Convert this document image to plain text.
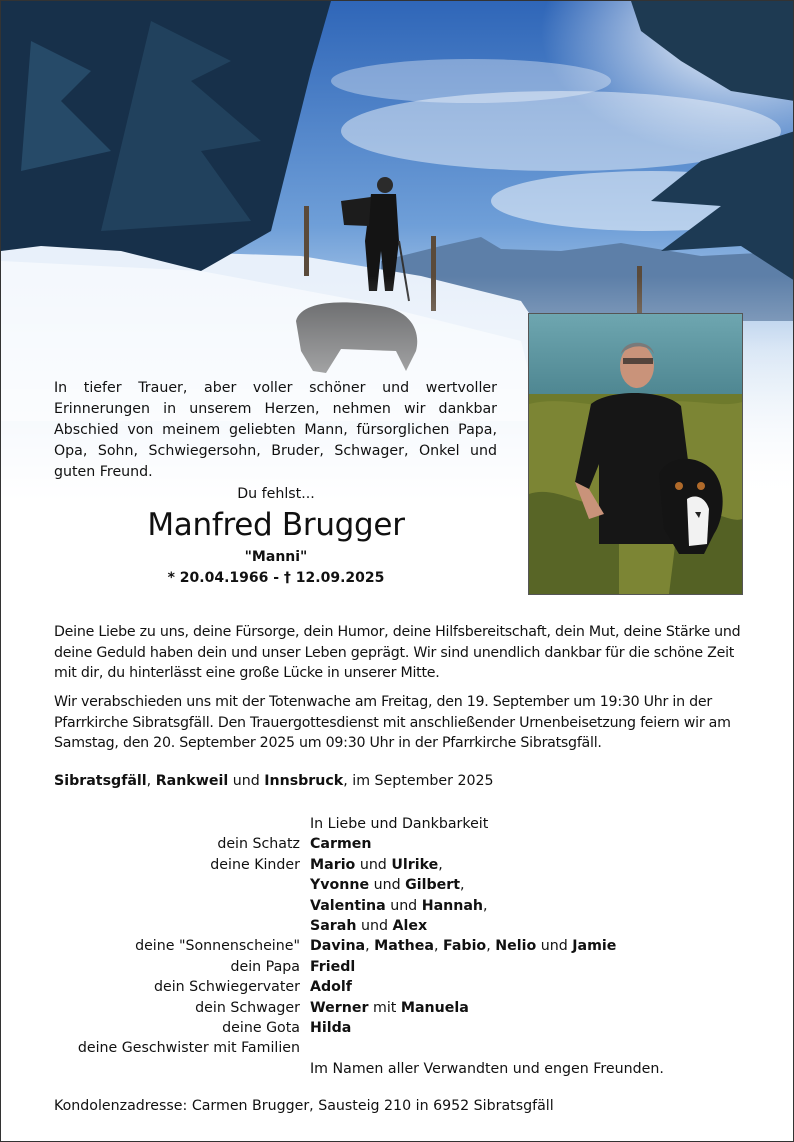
In tiefer Trauer, aber voller schöner und wertvoller Erinnerungen in unserem Herzen, nehmen wir dankbar Abschied von meinem geliebten Mann, fürsorglichen Papa, Opa, Sohn, Schwiegersohn, Bruder, Schwager, Onkel und guten Freund.

Du fehlst...
Manfred Brugger
"Manni"
* 20.04.1966 - † 12.09.2025

Deine Liebe zu uns, deine Fürsorge, dein Humor, deine Hilfsbereitschaft, dein Mut, deine Stärke und deine Geduld haben dein und unser Leben geprägt. Wir sind unendlich dankbar für die schöne Zeit mit dir, du hinterlässt eine große Lücke in unserer Mitte.

Wir verabschieden uns mit der Totenwache am Freitag, den 19. September um 19:30 Uhr in der Pfarrkirche Sibratsgfäll. Den Trauergottesdienst mit anschließender Urnenbeisetzung feiern wir am Samstag, den 20. September 2025 um 09:30 Uhr in der Pfarrkirche Sibratsgfäll.

Sibratsgfäll, Rankweil und Innsbruck, im September 2025
In Liebe und Dankbarkeit
dein Schatz Carmen
deine Kinder Mario und Ulrike,
Yvonne und Gilbert,
Valentina und Hannah,
Sarah und Alex
deine "Sonnenscheine" Davina, Mathea, Fabio, Nelio und Jamie
dein Papa Friedl
dein Schwiegervater Adolf
dein Schwager Werner mit Manuela
deine Gota Hilda
deine Geschwister mit Familien
Im Namen aller Verwandten und engen Freunden.
Kondolenzadresse: Carmen Brugger, Sausteig 210 in 6952 Sibratsgfäll
